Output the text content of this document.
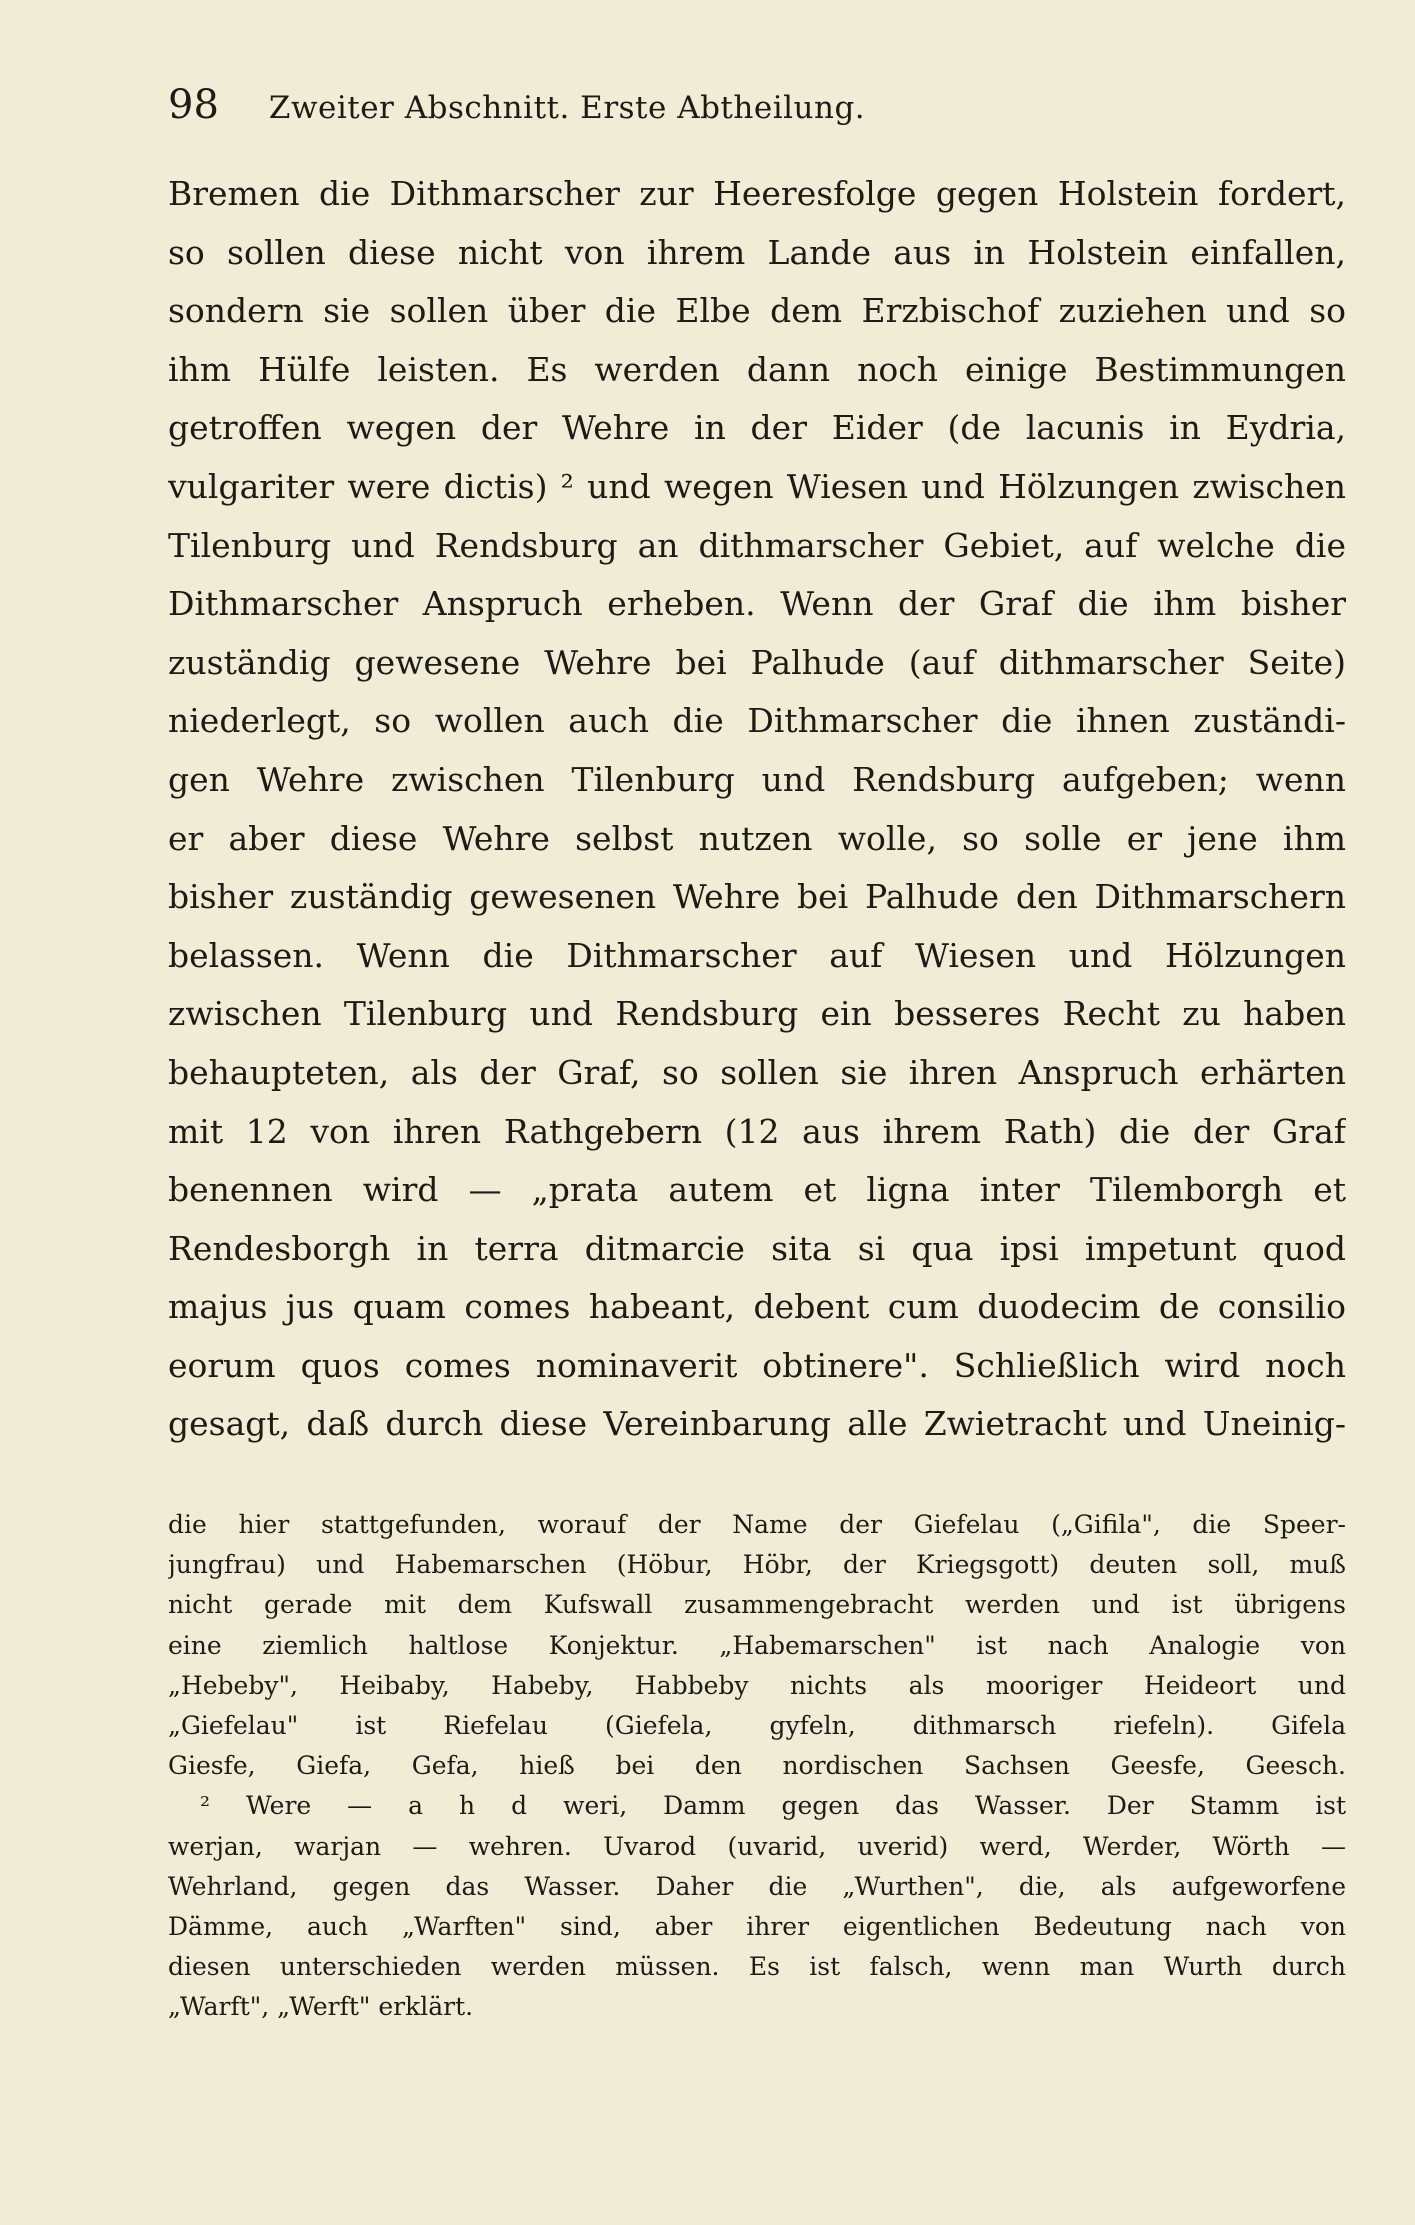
98 Zweiter Abschnitt. Erste Abtheilung.
Bremen die Dithmarscher zur Heeresfolge gegen Holstein fordert,
so sollen diese nicht von ihrem Lande aus in Holstein einfallen,
sondern sie sollen über die Elbe dem Erzbischof zuziehen und so
ihm Hülfe leisten. Es werden dann noch einige Bestimmungen
getroffen wegen der Wehre in der Eider (de lacunis in Eydria,
vulgariter were dictis) ² und wegen Wiesen und Hölzungen zwischen
Tilenburg und Rendsburg an dithmarscher Gebiet, auf welche die
Dithmarscher Anspruch erheben. Wenn der Graf die ihm bisher
zuständig gewesene Wehre bei Palhude (auf dithmarscher Seite)
niederlegt, so wollen auch die Dithmarscher die ihnen zuständi-
gen Wehre zwischen Tilenburg und Rendsburg aufgeben; wenn
er aber diese Wehre selbst nutzen wolle, so solle er jene ihm
bisher zuständig gewesenen Wehre bei Palhude den Dithmarschern
belassen. Wenn die Dithmarscher auf Wiesen und Hölzungen
zwischen Tilenburg und Rendsburg ein besseres Recht zu haben
behaupteten, als der Graf, so sollen sie ihren Anspruch erhärten
mit 12 von ihren Rathgebern (12 aus ihrem Rath) die der Graf
benennen wird — „prata autem et ligna inter Tilemborgh et
Rendesborgh in terra ditmarcie sita si qua ipsi impetunt quod
majus jus quam comes habeant, debent cum duodecim de consilio
eorum quos comes nominaverit obtinere". Schließlich wird noch
gesagt, daß durch diese Vereinbarung alle Zwietracht und Uneinig-
die hier stattgefunden, worauf der Name der Giefelau („Gifila", die Speer-
jungfrau) und Habemarschen (Höbur, Höbr, der Kriegsgott) deuten soll, muß
nicht gerade mit dem Kufswall zusammengebracht werden und ist übrigens
eine ziemlich haltlose Konjektur. „Habemarschen" ist nach Analogie von
„Hebeby", Heibaby, Habeby, Habbeby nichts als mooriger Heideort und
„Giefelau" ist Riefelau (Giefela, gyfeln, dithmarsch riefeln). Gifela
Giesfe, Giefa, Gefa, hieß bei den nordischen Sachsen Geesfe, Geesch.
² Were — a h d weri, Damm gegen das Wasser. Der Stamm ist
werjan, warjan — wehren. Uvarod (uvarid, uverid) werd, Werder, Wörth —
Wehrland, gegen das Wasser. Daher die „Wurthen", die, als aufgeworfene
Dämme, auch „Warften" sind, aber ihrer eigentlichen Bedeutung nach von
diesen unterschieden werden müssen. Es ist falsch, wenn man Wurth durch
„Warft", „Werft" erklärt.
